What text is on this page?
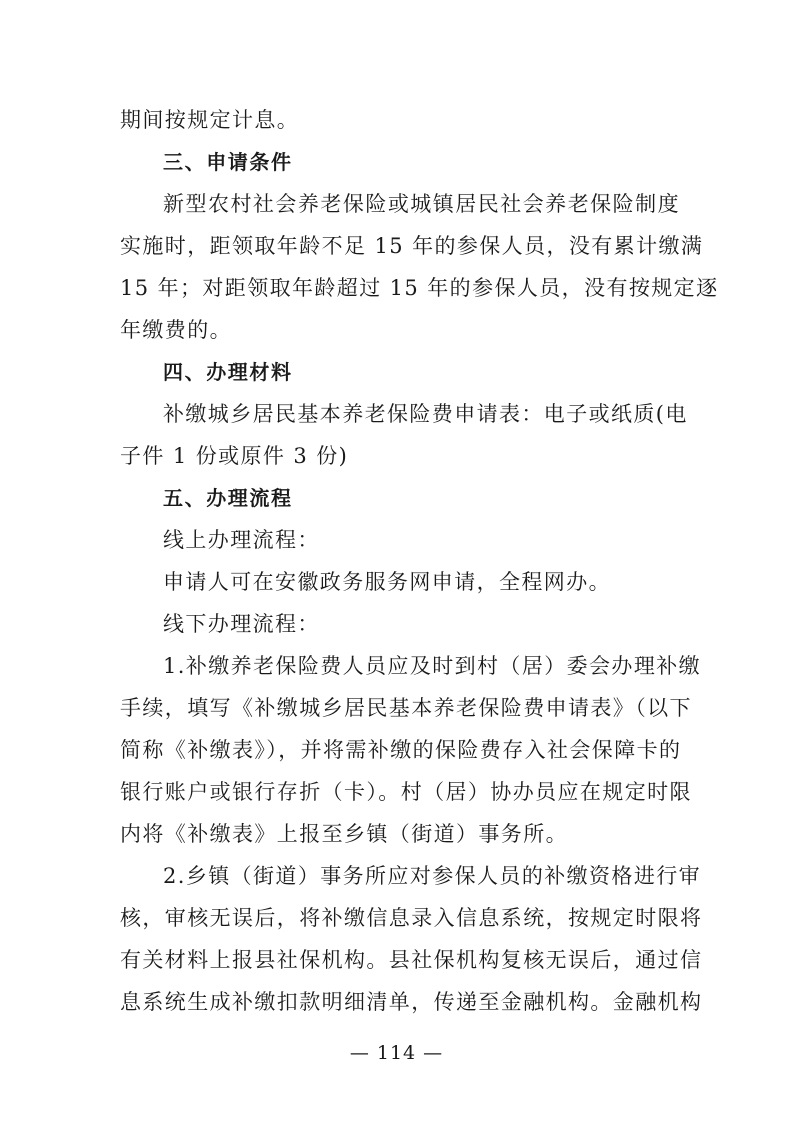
期间按规定计息。
三、申请条件
新型农村社会养老保险或城镇居民社会养老保险制度
实施时，距领取年龄不足 15 年的参保人员，没有累计缴满
15 年；对距领取年龄超过 15 年的参保人员，没有按规定逐
年缴费的。
四、办理材料
补缴城乡居民基本养老保险费申请表：电子或纸质(电
子件 1 份或原件 3 份)
五、办理流程
线上办理流程：
申请人可在安徽政务服务网申请，全程网办。
线下办理流程：
1.补缴养老保险费人员应及时到村（居）委会办理补缴
手续，填写《补缴城乡居民基本养老保险费申请表》（以下
简称《补缴表》），并将需补缴的保险费存入社会保障卡的
银行账户或银行存折（卡）。村（居）协办员应在规定时限
内将《补缴表》上报至乡镇（街道）事务所。
2.乡镇（街道）事务所应对参保人员的补缴资格进行审
核，审核无误后，将补缴信息录入信息系统，按规定时限将
有关材料上报县社保机构。县社保机构复核无误后，通过信
息系统生成补缴扣款明细清单，传递至金融机构。金融机构
— 114 —
